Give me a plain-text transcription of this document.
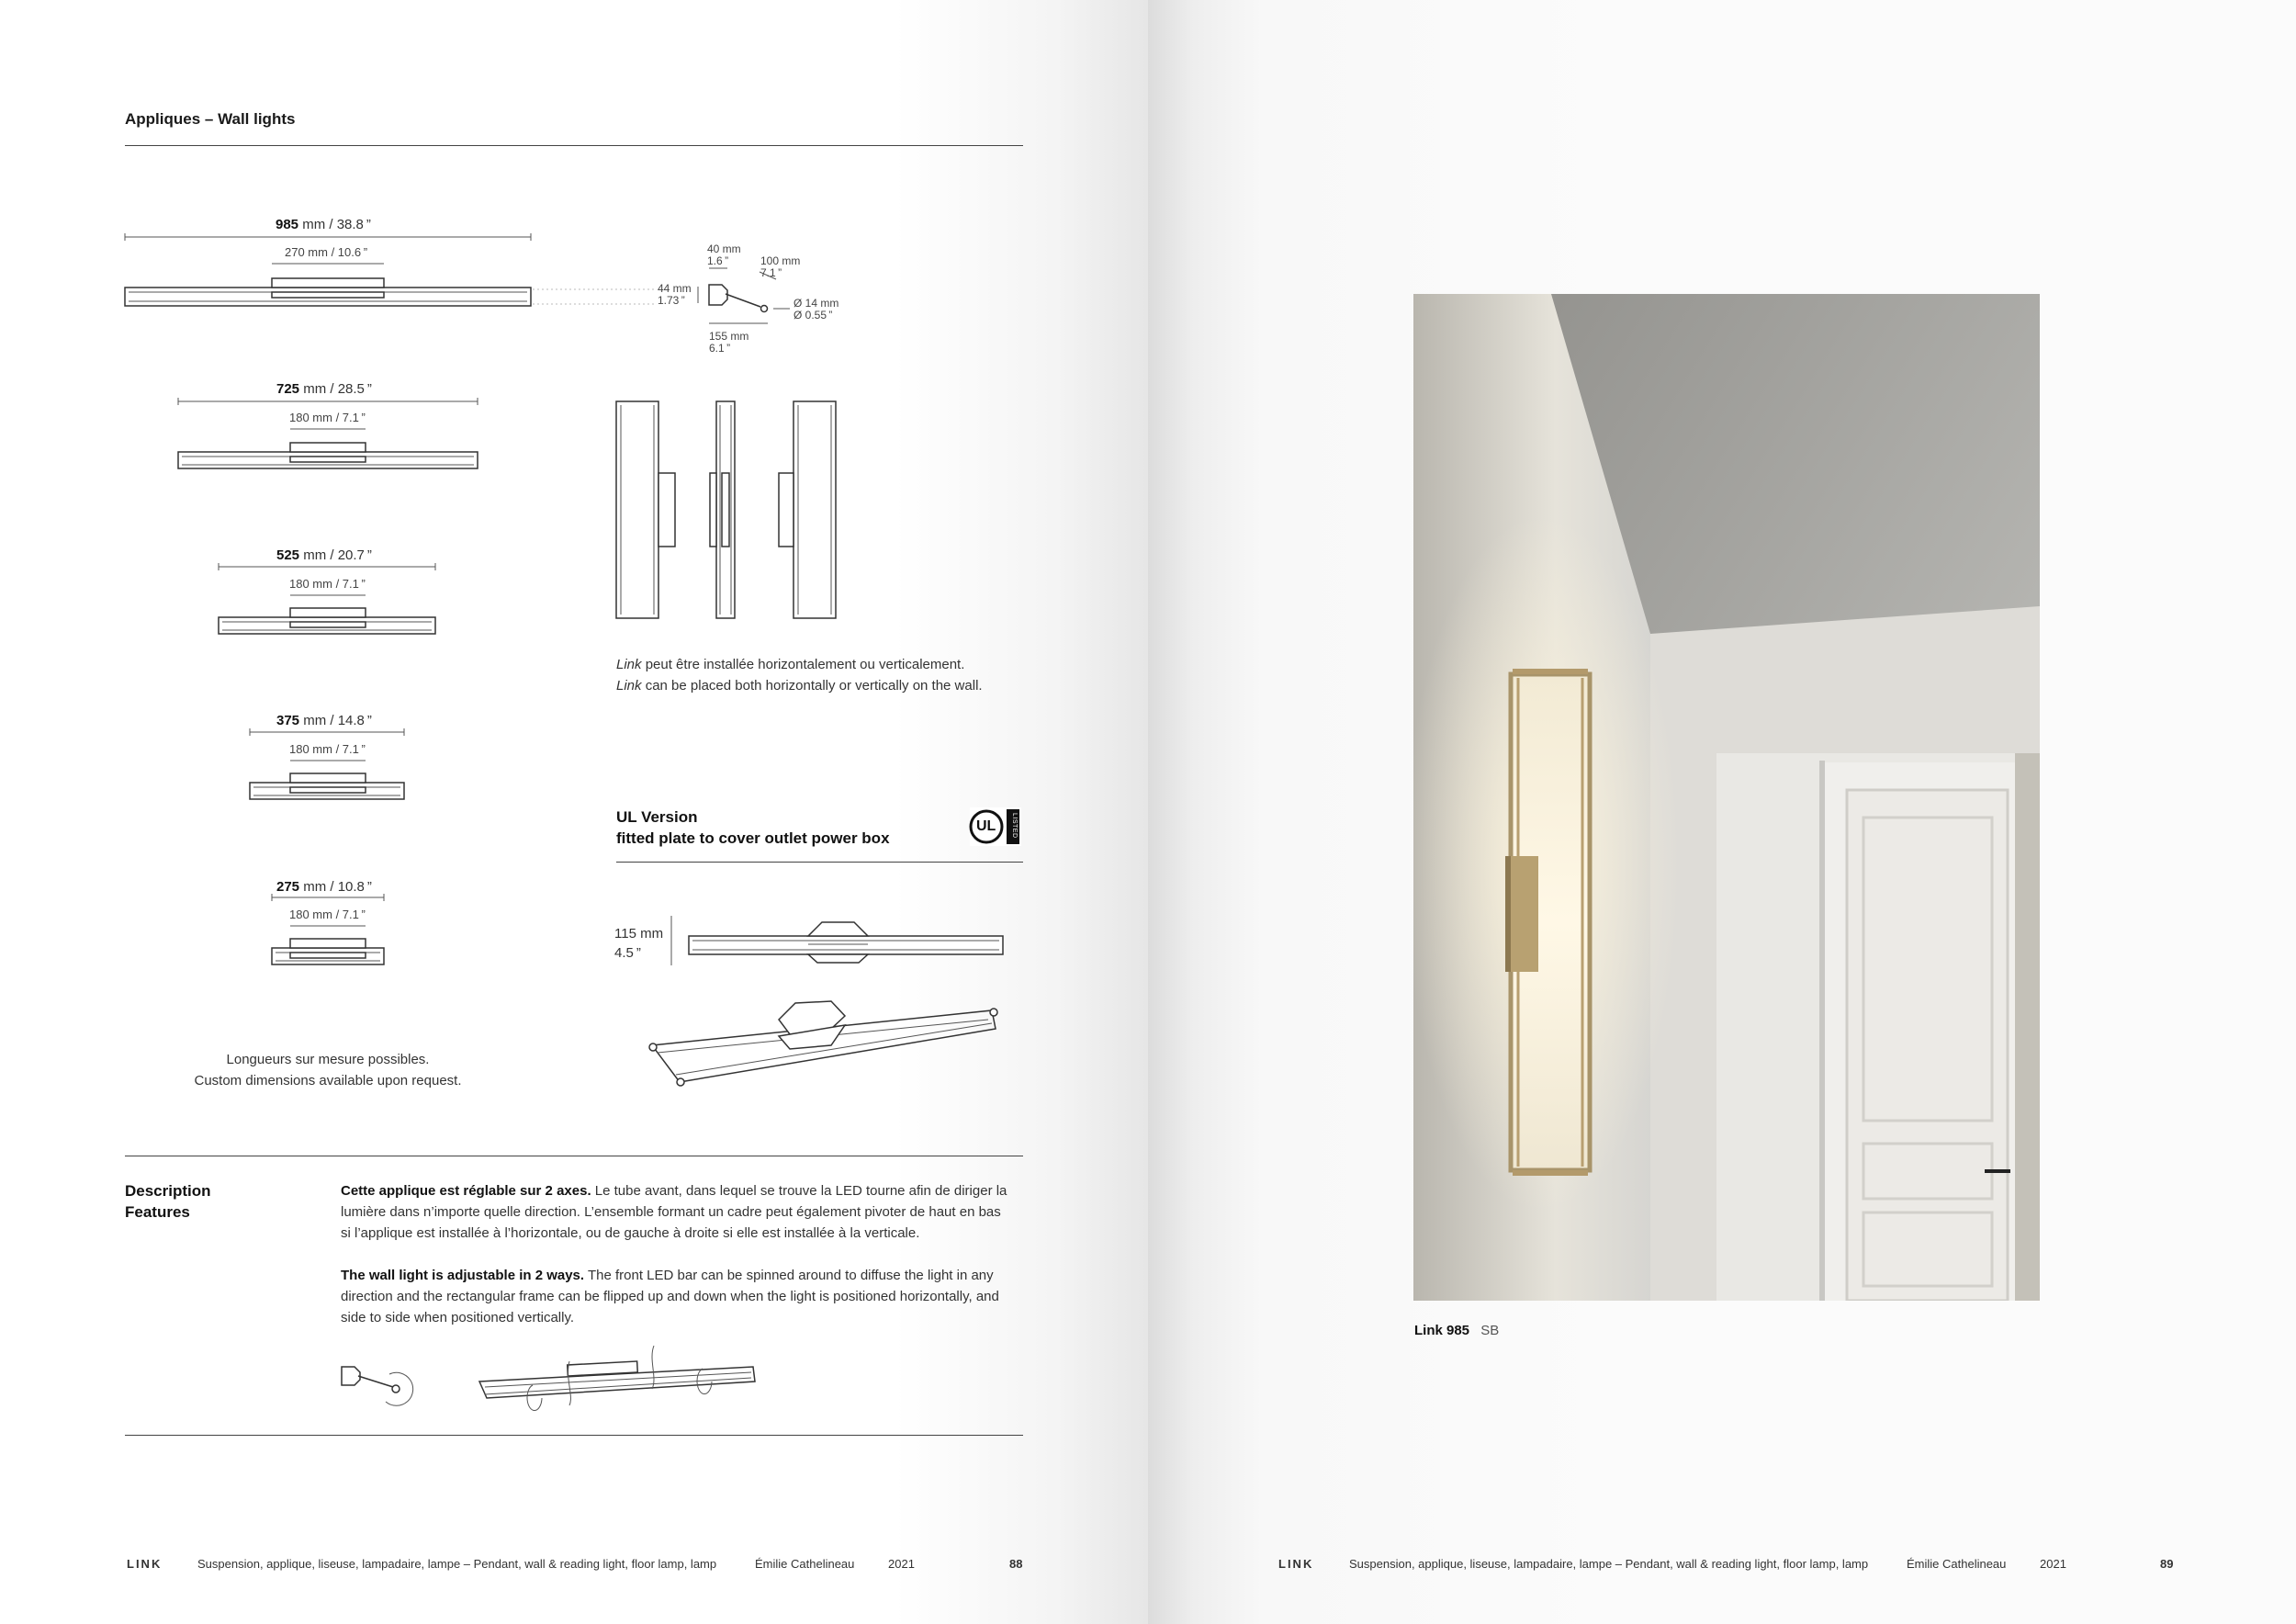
Appliques – Wall lights
985 mm / 38.8 ”
270 mm / 10.6 ”	40 mm
1.6 ”	100 mm
7.1 ”
44 mm
1.73 ”	Ø 14 mm
Ø 0.55 ”
155 mm
6.1 ”
725 mm / 28.5 ”
180 mm / 7.1 ”
525 mm / 20.7 ”
180 mm / 7.1 ”
Link peut être installée horizontalement ou verticalement.
Link can be placed both horizontally or vertically on the wall.
375 mm / 14.8 ”
180 mm / 7.1 ”
UL Version
fitted plate to cover outlet power box
UL LISTED
115 mm
4.5 ”
275 mm / 10.8 ”
180 mm / 7.1 ”
Longueurs sur mesure possibles.
Custom dimensions available upon request.
Description
Features
Cette applique est réglable sur 2 axes. Le tube avant, dans lequel se trouve la LED tourne afin de diriger la
lumière dans n’importe quelle direction. L’ensemble formant un cadre peut également pivoter de haut en bas
si l’applique est installée à l’horizontale, ou de gauche à droite si elle est installée à la verticale.
The wall light is adjustable in 2 ways. The front LED bar can be spinned around to diffuse the light in any
direction and the rectangular frame can be flipped up and down when the light is positioned horizontally, and
side to side when positioned vertically.
LINK	Suspension, applique, liseuse, lampadaire, lampe – Pendant, wall & reading light, floor lamp, lamp	Émilie Cathelineau	2021	88
Link 985 SB
LINK	Suspension, applique, liseuse, lampadaire, lampe – Pendant, wall & reading light, floor lamp, lamp	Émilie Cathelineau	2021	89
